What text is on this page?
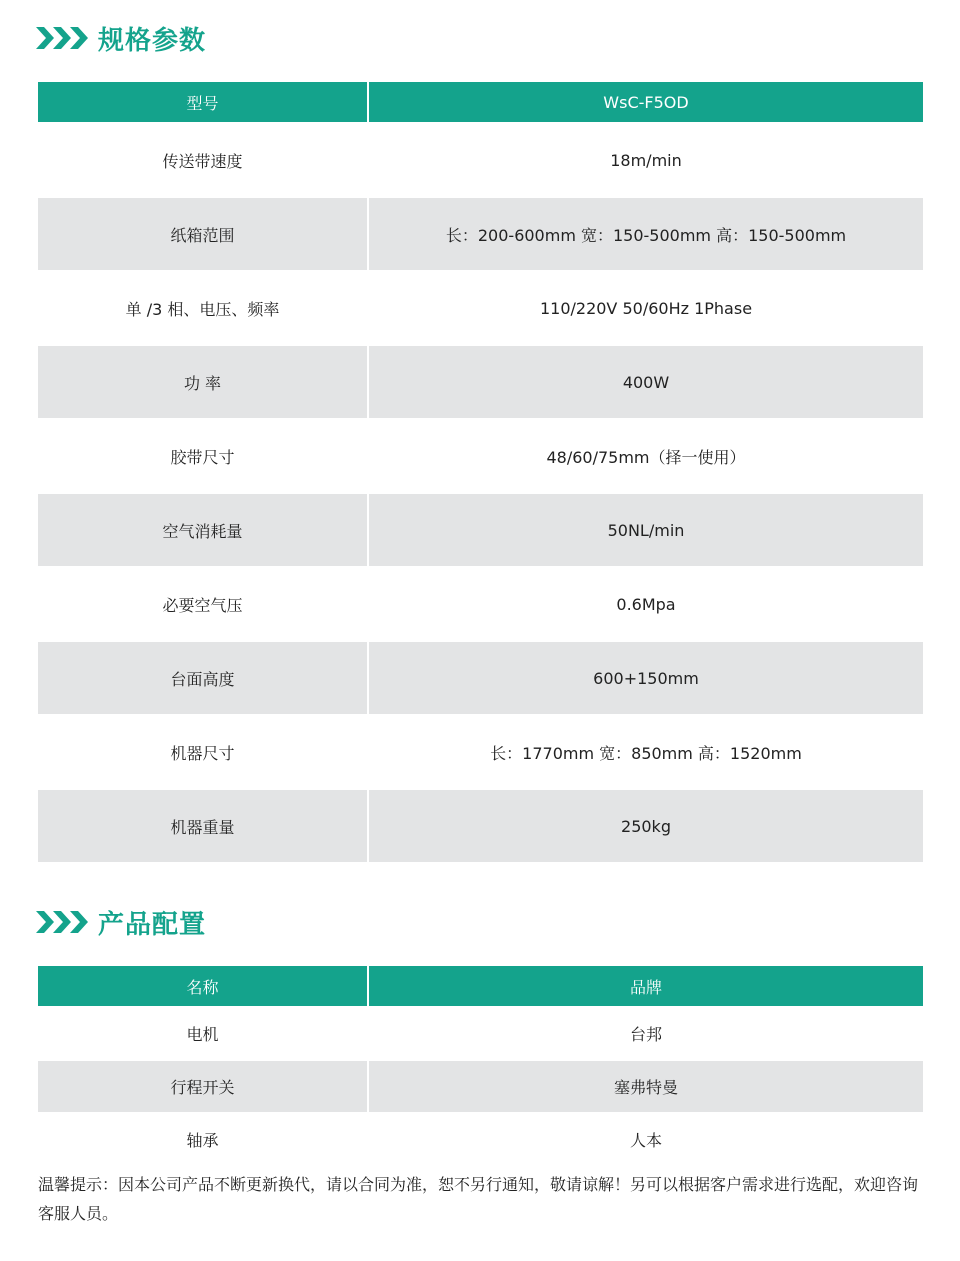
规格参数
型号	WsC-F5OD
传送带速度	18m/min
纸箱范围	长：200-600mm 宽：150-500mm 高：150-500mm
单 /3 相、电压、频率	110/220V 50/60Hz 1Phase
功 率	400W
胶带尺寸	48/60/75mm（择一使用）
空气消耗量	50NL/min
必要空气压	0.6Mpa
台面高度	600+150mm
机器尺寸	长：1770mm 宽：850mm 高：1520mm
机器重量	250kg
产品配置
名称	品牌
电机	台邦
行程开关	塞弗特曼
轴承	人本
温馨提示：因本公司产品不断更新换代，请以合同为准，恕不另行通知，敬请谅解！另可以根据客户需求进行选配，欢迎咨询客服人员。
